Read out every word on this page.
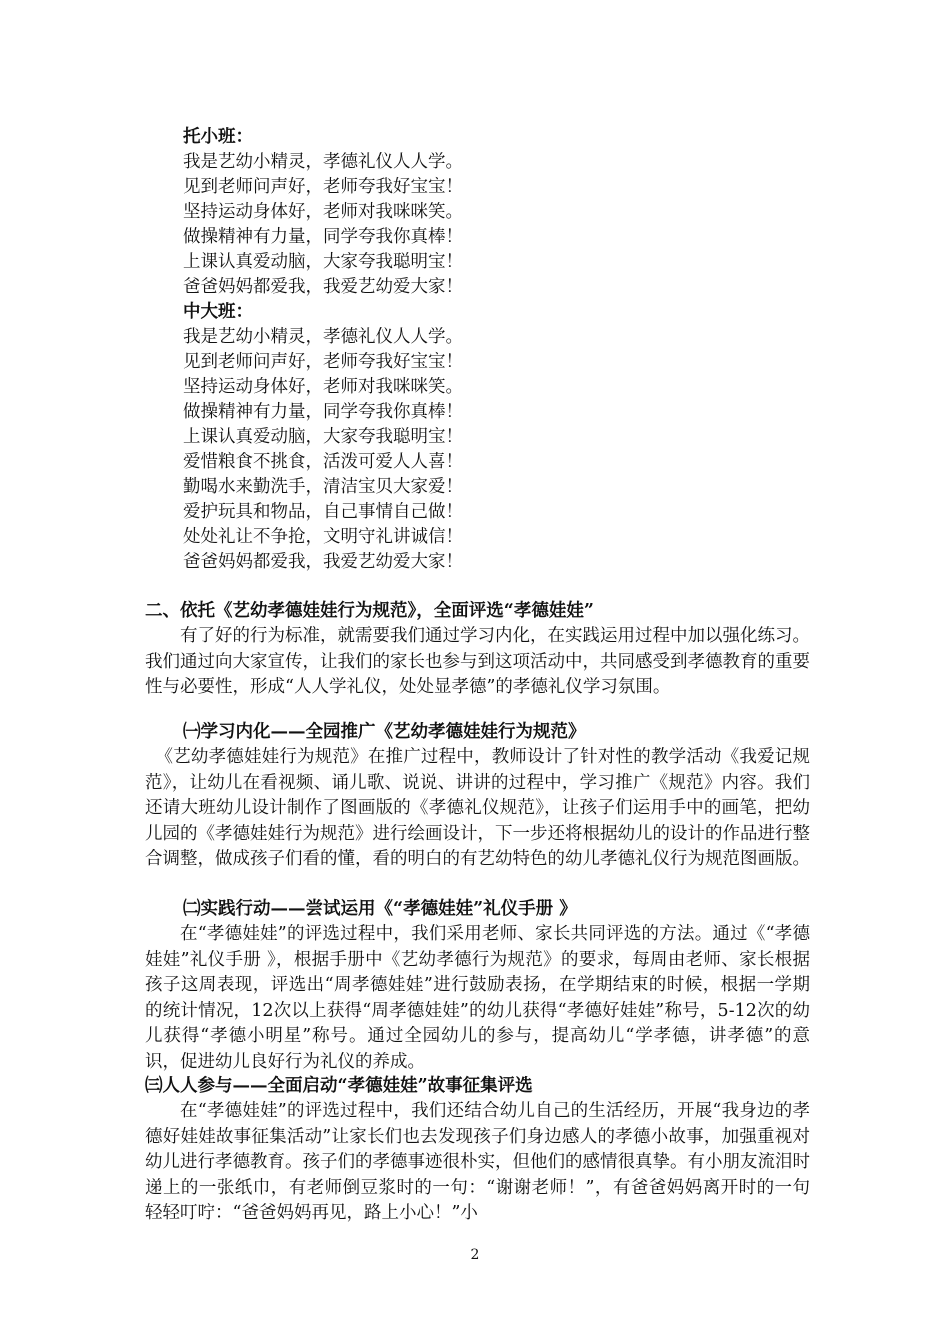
托小班：
我是艺幼小精灵，孝德礼仪人人学。
见到老师问声好，老师夸我好宝宝！
坚持运动身体好，老师对我咪咪笑。
做操精神有力量，同学夸我你真棒！
上课认真爱动脑，大家夸我聪明宝！
爸爸妈妈都爱我，我爱艺幼爱大家！
中大班：
我是艺幼小精灵，孝德礼仪人人学。
见到老师问声好，老师夸我好宝宝！
坚持运动身体好，老师对我咪咪笑。
做操精神有力量，同学夸我你真棒！
上课认真爱动脑，大家夸我聪明宝！
爱惜粮食不挑食，活泼可爱人人喜！
勤喝水来勤洗手，清洁宝贝大家爱！
爱护玩具和物品，自己事情自己做！
处处礼让不争抢，文明守礼讲诚信！
爸爸妈妈都爱我，我爱艺幼爱大家！
二、依托《艺幼孝德娃娃行为规范》，全面评选“孝德娃娃”
有了好的行为标准，就需要我们通过学习内化，在实践运用过程中加以强化练习。我们通过向大家宣传，让我们的家长也参与到这项活动中，共同感受到孝德教育的重要性与必要性，形成“人人学礼仪，处处显孝德”的孝德礼仪学习氛围。
㈠学习内化——全园推广《艺幼孝德娃娃行为规范》
《艺幼孝德娃娃行为规范》在推广过程中，教师设计了针对性的教学活动《我爱记规范》，让幼儿在看视频、诵儿歌、说说、讲讲的过程中，学习推广《规范》内容。我们还请大班幼儿设计制作了图画版的《孝德礼仪规范》，让孩子们运用手中的画笔，把幼儿园的《孝德娃娃行为规范》进行绘画设计，下一步还将根据幼儿的设计的作品进行整合调整，做成孩子们看的懂，看的明白的有艺幼特色的幼儿孝德礼仪行为规范图画版。
㈡实践行动——尝试运用《“孝德娃娃”礼仪手册 》
在“孝德娃娃”的评选过程中，我们采用老师、家长共同评选的方法。通过《“孝德娃娃”礼仪手册 》，根据手册中《艺幼孝德行为规范》的要求，每周由老师、家长根据孩子这周表现，评选出“周孝德娃娃”进行鼓励表扬，在学期结束的时候，根据一学期的统计情况，12次以上获得“周孝德娃娃”的幼儿获得“孝德好娃娃”称号，5-12次的幼儿获得“孝德小明星”称号。通过全园幼儿的参与，提高幼儿“学孝德，讲孝德”的意识，促进幼儿良好行为礼仪的养成。
㈢人人参与——全面启动“孝德娃娃”故事征集评选
在“孝德娃娃”的评选过程中，我们还结合幼儿自己的生活经历，开展“我身边的孝德好娃娃故事征集活动”让家长们也去发现孩子们身边感人的孝德小故事，加强重视对幼儿进行孝德教育。孩子们的孝德事迹很朴实，但他们的感情很真挚。有小朋友流泪时递上的一张纸巾，有老师倒豆浆时的一句：“谢谢老师！”，有爸爸妈妈离开时的一句轻轻叮咛：“爸爸妈妈再见，路上小心！”小
2
